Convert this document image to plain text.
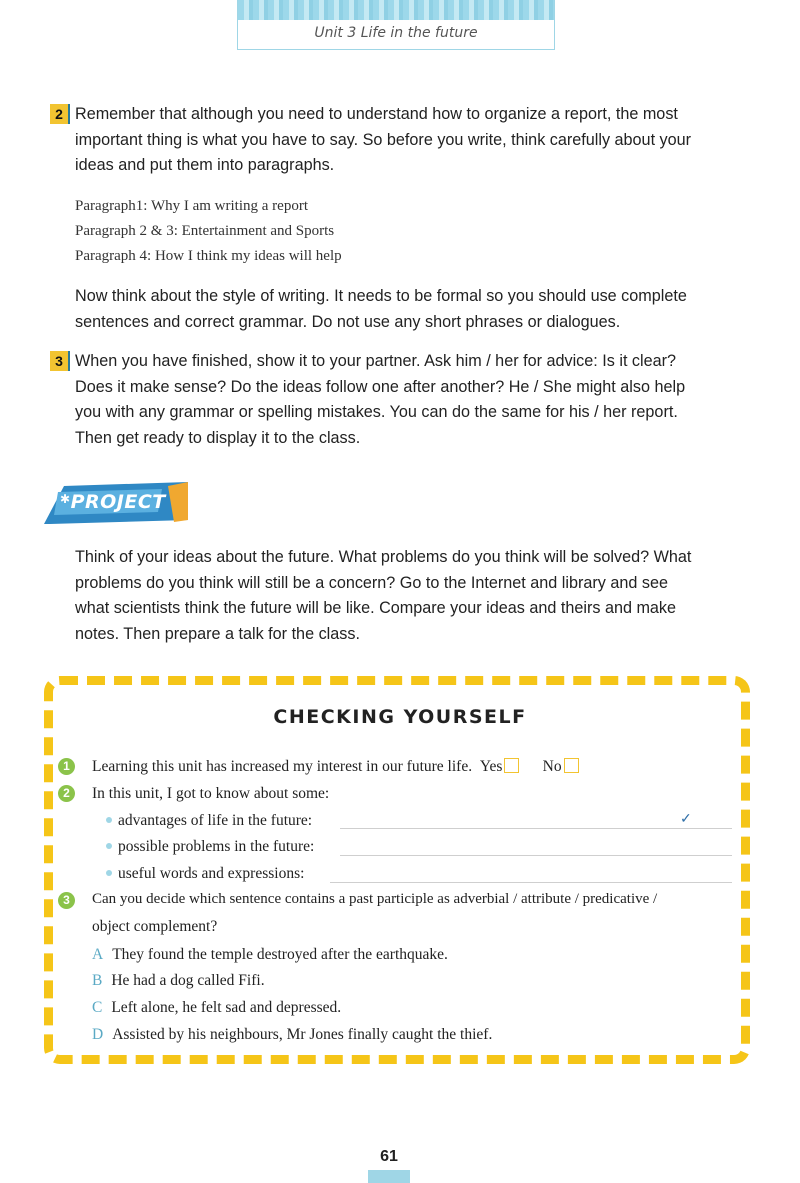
Unit 3 Life in the future
2 Remember that although you need to understand how to organize a report, the most
important thing is what you have to say. So before you write, think carefully about your
ideas and put them into paragraphs.
Paragraph1: Why I am writing a report
Paragraph 2 & 3: Entertainment and Sports
Paragraph 4: How I think my ideas will help
Now think about the style of writing. It needs to be formal so you should use complete
sentences and correct grammar. Do not use any short phrases or dialogues.
3 When you have finished, show it to your partner. Ask him / her for advice: Is it clear?
Does it make sense? Do the ideas follow one after another? He / She might also help
you with any grammar or spelling mistakes. You can do the same for his / her report.
Then get ready to display it to the class.
✱PROJECT
Think of your ideas about the future. What problems do you think will be solved? What
problems do you think will still be a concern? Go to the Internet and library and see
what scientists think the future will be like. Compare your ideas and theirs and make
notes. Then prepare a talk for the class.
CHECKING YOURSELF
1	Learning this unit has increased my interest in our future life. Yes	No
2	In this unit, I got to know about some:
advantages of life in the future:	✓
possible problems in the future:
useful words and expressions:
3	Can you decide which sentence contains a past participle as adverbial / attribute / predicative /
object complement?
A They found the temple destroyed after the earthquake.
B He had a dog called Fifi.
C Left alone, he felt sad and depressed.
D Assisted by his neighbours, Mr Jones finally caught the thief.
61
